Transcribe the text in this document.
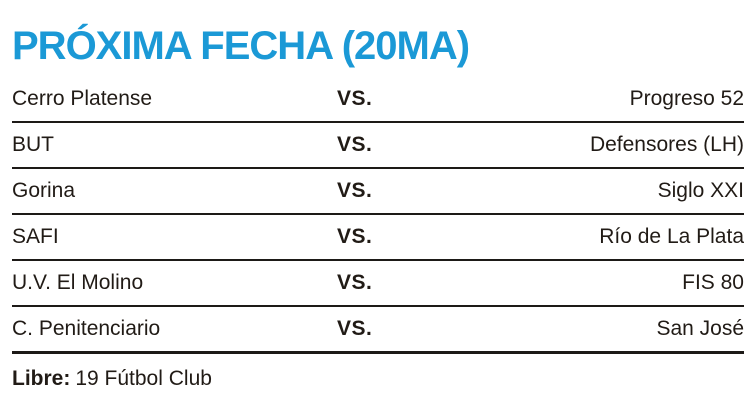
PRÓXIMA FECHA (20MA)
Cerro Platense	VS.	Progreso 52
BUT	VS.	Defensores (LH)
Gorina	VS.	Siglo XXI
SAFI	VS.	Río de La Plata
U.V. El Molino	VS.	FIS 80
C. Penitenciario	VS.	San José
Libre: 19 Fútbol Club
